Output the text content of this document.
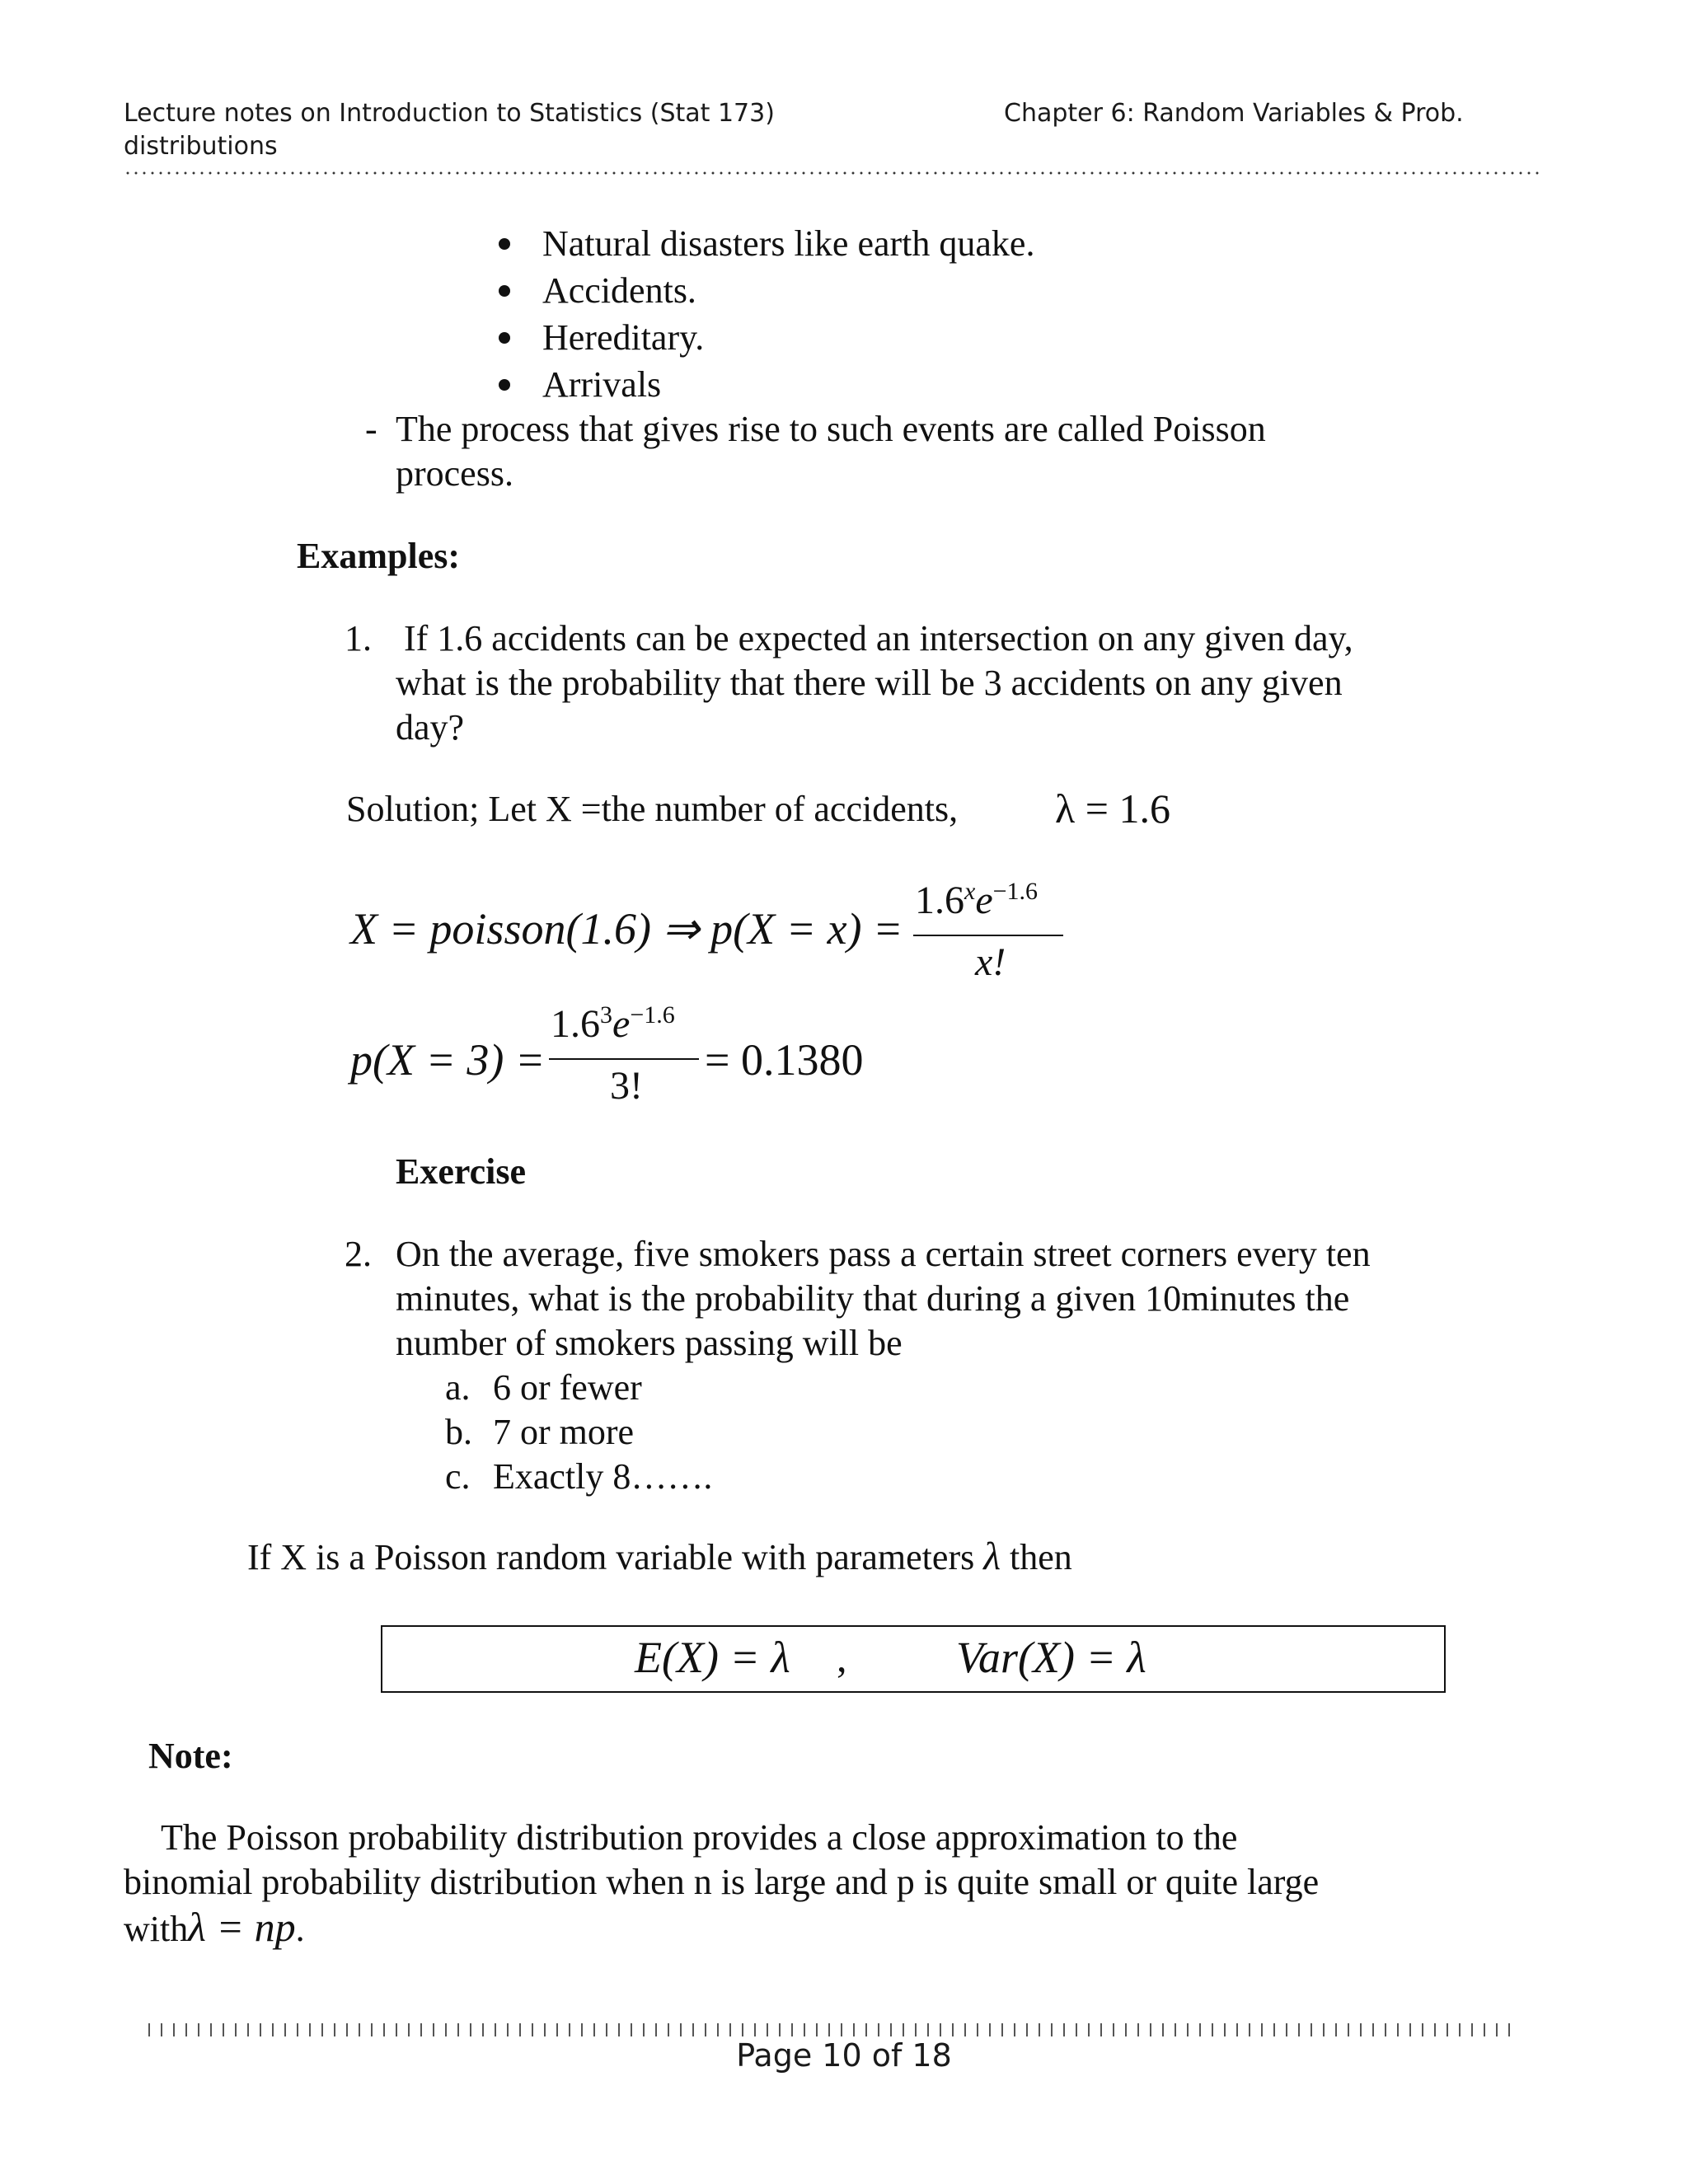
Lecture notes on Introduction to Statistics (Stat 173)
distributions
Chapter 6: Random Variables & Prob.
Natural disasters like earth quake.
Accidents.
Hereditary.
Arrivals
- The process that gives rise to such events are called Poisson
process.
Examples:
1. If 1.6 accidents can be expected an intersection on any given day,
what is the probability that there will be 3 accidents on any given
day?
Solution; Let X =the number of accidents, λ = 1.6
X = poisson(1.6) ⇒ p(X = x) =
$1.6^xe^{-1.6}$
x!
p(X = 3) =
$1.6^3e^{-1.6}$
3!
= 0.1380
Exercise
2. On the average, five smokers pass a certain street corners every ten
minutes, what is the probability that during a given 10minutes the
number of smokers passing will be
a. 6 or fewer
b. 7 or more
c. Exactly 8…….
If X is a Poisson random variable with parameters λ then
E(X) = λ , Var(X) = λ
Note:
The Poisson probability distribution provides a close approximation to the
binomial probability distribution when n is large and p is quite small or quite large
withλ = np.
Page 10 of 18
